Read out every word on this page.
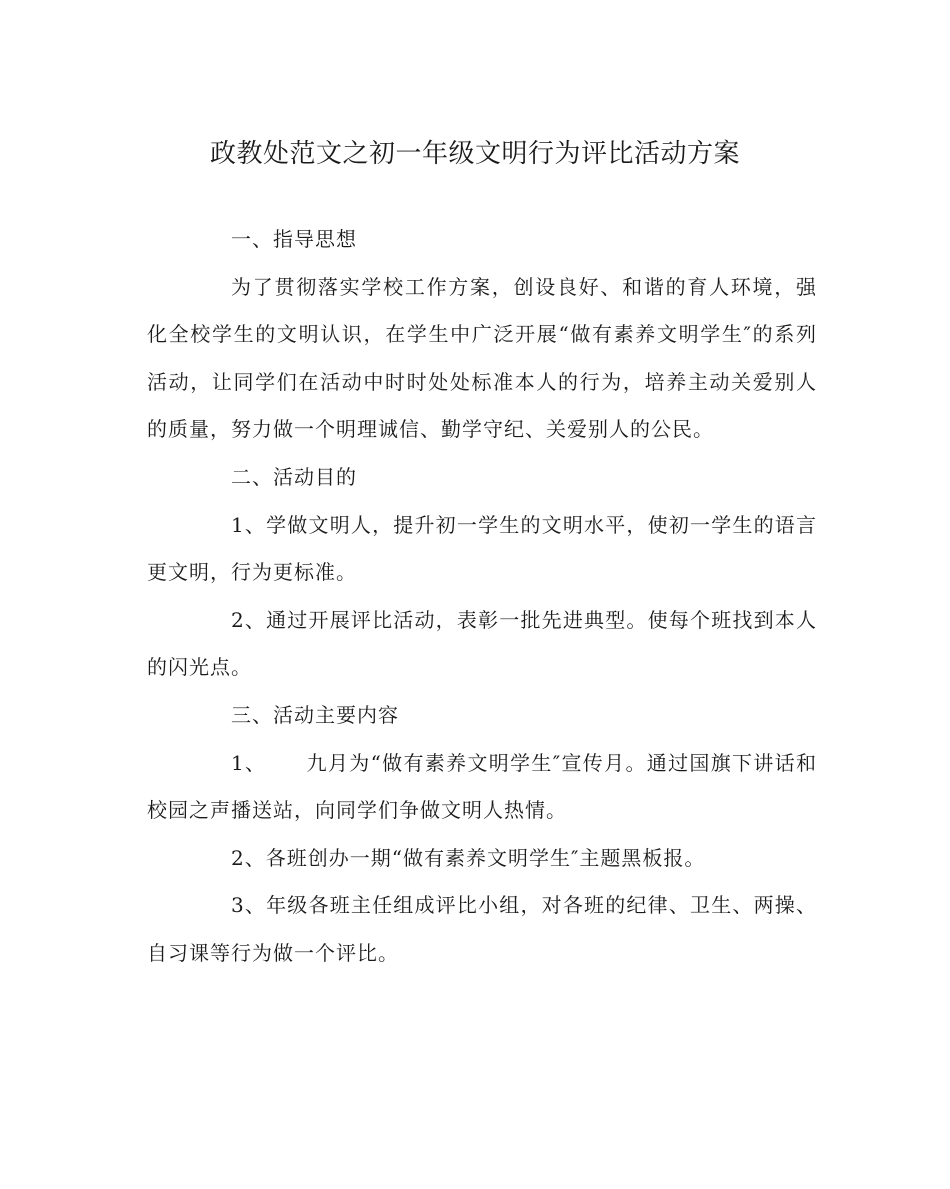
政教处范文之初一年级文明行为评比活动方案

一、指导思想

为了贯彻落实学校工作方案，创设良好、和谐的育人环境，强化全校学生的文明认识，在学生中广泛开展“做有素养文明学生″的系列活动，让同学们在活动中时时处处标准本人的行为，培养主动关爱别人的质量，努力做一个明理诚信、勤学守纪、关爱别人的公民。

二、活动目的

1、学做文明人，提升初一学生的文明水平，使初一学生的语言更文明，行为更标准。

2、通过开展评比活动，表彰一批先进典型。使每个班找到本人的闪光点。

三、活动主要内容

1、 九月为“做有素养文明学生″宣传月。通过国旗下讲话和校园之声播送站，向同学们争做文明人热情。

2、各班创办一期“做有素养文明学生″主题黑板报。

3、年级各班主任组成评比小组，对各班的纪律、卫生、两操、自习课等行为做一个评比。
